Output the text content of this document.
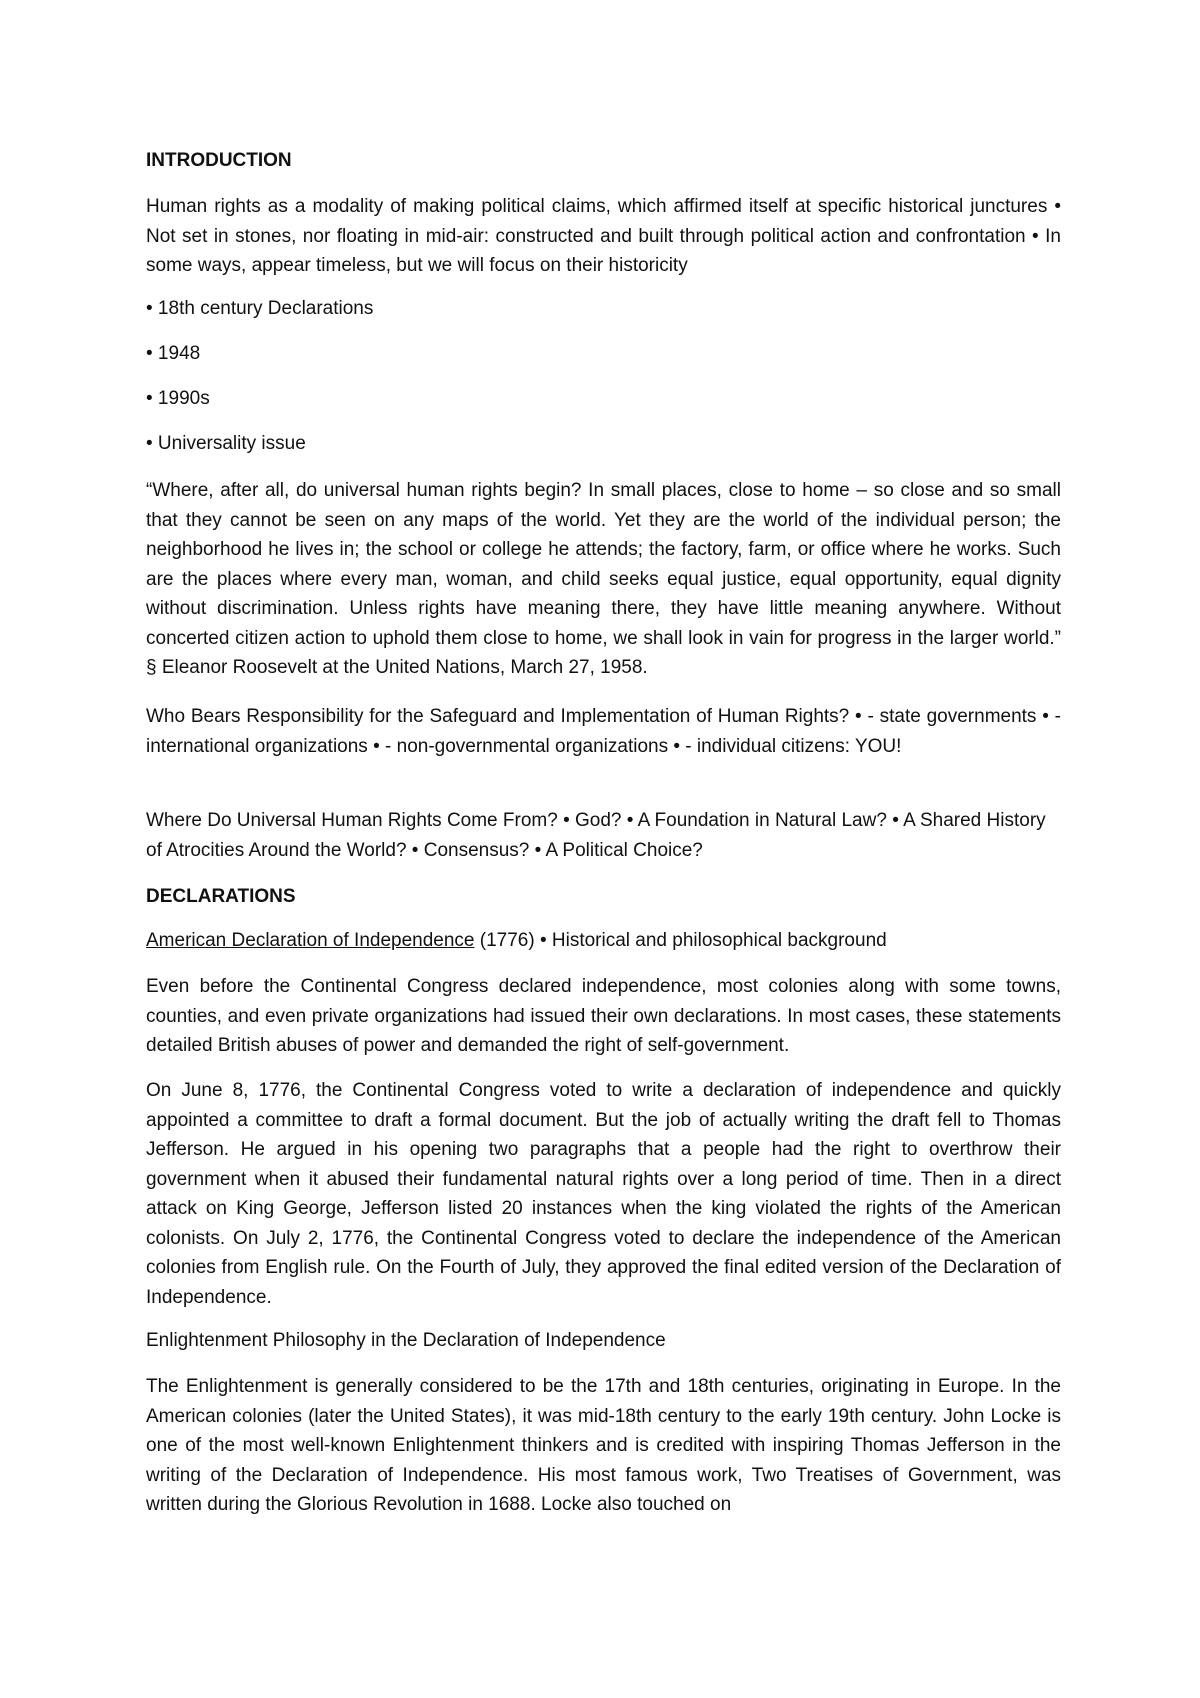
INTRODUCTION

Human rights as a modality of making political claims, which affirmed itself at specific historical junctures • Not set in stones, nor floating in mid-air: constructed and built through political action and confrontation • In some ways, appear timeless, but we will focus on their historicity

• 18th century Declarations

• 1948

• 1990s

• Universality issue

“Where, after all, do universal human rights begin? In small places, close to home – so close and so small that they cannot be seen on any maps of the world. Yet they are the world of the individual person; the neighborhood he lives in; the school or college he attends; the factory, farm, or office where he works. Such are the places where every man, woman, and child seeks equal justice, equal opportunity, equal dignity without discrimination. Unless rights have meaning there, they have little meaning anywhere. Without concerted citizen action to uphold them close to home, we shall look in vain for progress in the larger world.” § Eleanor Roosevelt at the United Nations, March 27, 1958.

Who Bears Responsibility for the Safeguard and Implementation of Human Rights? • - state governments • - international organizations • - non-governmental organizations • - individual citizens: YOU!

Where Do Universal Human Rights Come From? • God? • A Foundation in Natural Law? • A Shared History of Atrocities Around the World? • Consensus? • A Political Choice?

DECLARATIONS

American Declaration of Independence (1776) • Historical and philosophical background

Even before the Continental Congress declared independence, most colonies along with some towns, counties, and even private organizations had issued their own declarations. In most cases, these statements detailed British abuses of power and demanded the right of self-government.

On June 8, 1776, the Continental Congress voted to write a declaration of independence and quickly appointed a committee to draft a formal document. But the job of actually writing the draft fell to Thomas Jefferson. He argued in his opening two paragraphs that a people had the right to overthrow their government when it abused their fundamental natural rights over a long period of time. Then in a direct attack on King George, Jefferson listed 20 instances when the king violated the rights of the American colonists. On July 2, 1776, the Continental Congress voted to declare the independence of the American colonies from English rule. On the Fourth of July, they approved the final edited version of the Declaration of Independence.

Enlightenment Philosophy in the Declaration of Independence

The Enlightenment is generally considered to be the 17th and 18th centuries, originating in Europe. In the American colonies (later the United States), it was mid-18th century to the early 19th century. John Locke is one of the most well-known Enlightenment thinkers and is credited with inspiring Thomas Jefferson in the writing of the Declaration of Independence. His most famous work, Two Treatises of Government, was written during the Glorious Revolution in 1688. Locke also touched on
